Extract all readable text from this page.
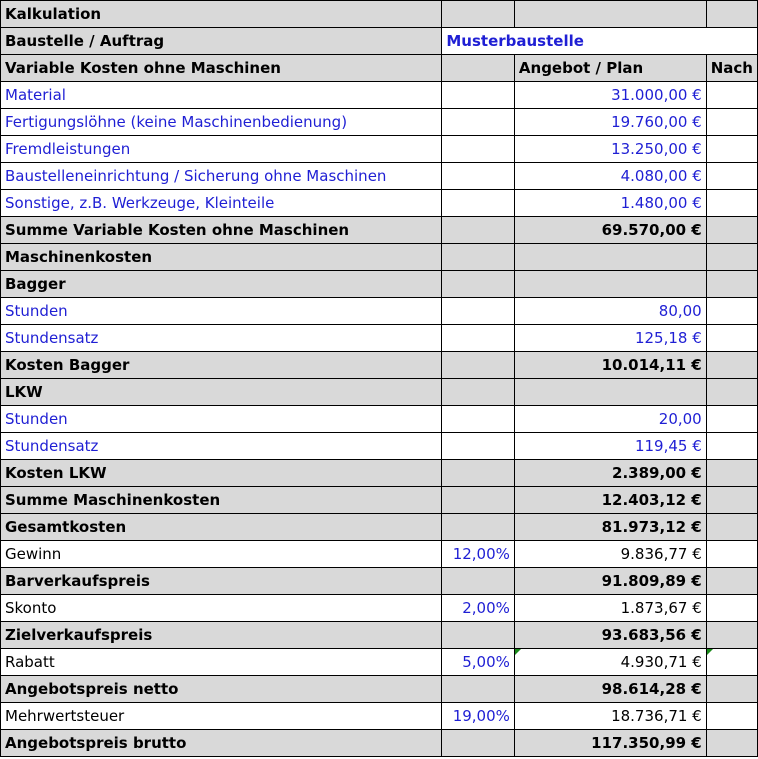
Kalkulation			
Baustelle / Auftrag	Musterbaustelle		
Variable Kosten ohne Maschinen		Angebot / Plan	Nach
Material		31.000,00 €	
Fertigungslöhne (keine Maschinenbedienung)		19.760,00 €	
Fremdleistungen		13.250,00 €	
Baustelleneinrichtung / Sicherung ohne Maschinen		4.080,00 €	
Sonstige, z.B. Werkzeuge, Kleinteile		1.480,00 €	
Summe Variable Kosten ohne Maschinen		69.570,00 €	
Maschinenkosten			
Bagger			
Stunden		80,00	
Stundensatz		125,18 €	
Kosten Bagger		10.014,11 €	
LKW			
Stunden		20,00	
Stundensatz		119,45 €	
Kosten LKW		2.389,00 €	
Summe Maschinenkosten		12.403,12 €	
Gesamtkosten		81.973,12 €	
Gewinn	12,00%	9.836,77 €	
Barverkaufspreis		91.809,89 €	
Skonto	2,00%	1.873,67 €	
Zielverkaufspreis		93.683,56 €	
Rabatt	5,00%	4.930,71 €	
Angebotspreis netto		98.614,28 €	
Mehrwertsteuer	19,00%	18.736,71 €	
Angebotspreis brutto		117.350,99 €	
